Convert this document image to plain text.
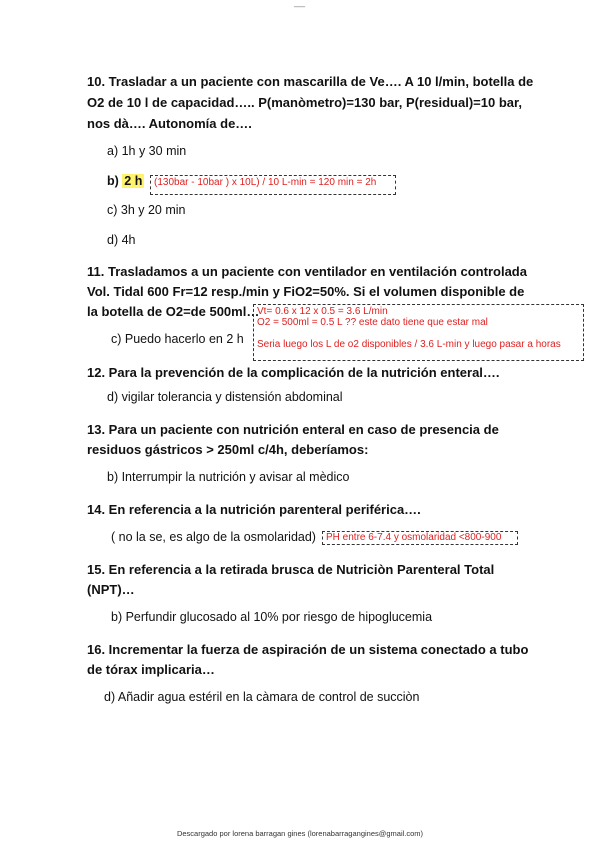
__
10. Trasladar a un paciente con mascarilla de Ve…. A 10 l/min, botella de
O2 de 10 l de capacidad….. P(manòmetro)=130 bar, P(residual)=10 bar,
nos dà…. Autonomía de….
a) 1h y 30 min
b) 2 h	(130bar - 10bar ) x 10L) / 10 L-min = 120 min = 2h
c) 3h y 20 min
d) 4h
11. Trasladamos a un paciente con ventilador en ventilación controlada
Vol. Tidal 600 Fr=12 resp./min y FiO2=50%. Si el volumen disponible de
la botella de O2=de 500ml…
c) Puedo hacerlo en 2 h
Vt= 0.6 x 12 x 0.5 = 3.6 L/min
O2 = 500ml = 0.5 L ?? este dato tiene que estar mal
Seria luego los L de o2 disponibles / 3.6 L-min y luego pasar a horas
12. Para la prevención de la complicación de la nutrición enteral….
d) vigilar tolerancia y distensión abdominal
13. Para un paciente con nutrición enteral en caso de presencia de
residuos gástricos > 250ml c/4h, deberíamos:
b) Interrumpir la nutrición y avisar al mèdico
14. En referencia a la nutrición parenteral periférica….
( no la se, es algo de la osmolaridad)	PH entre 6-7.4 y osmolaridad <800-900
15. En referencia a la retirada brusca de Nutriciòn Parenteral Total
(NPT)…
b) Perfundir glucosado al 10% por riesgo de hipoglucemia
16. Incrementar la fuerza de aspiración de un sistema conectado a tubo
de tórax implicaria…
d) Añadir agua estéril en la càmara de control de succiòn
Descargado por lorena barragan gines (lorenabarragangines@gmail.com)
